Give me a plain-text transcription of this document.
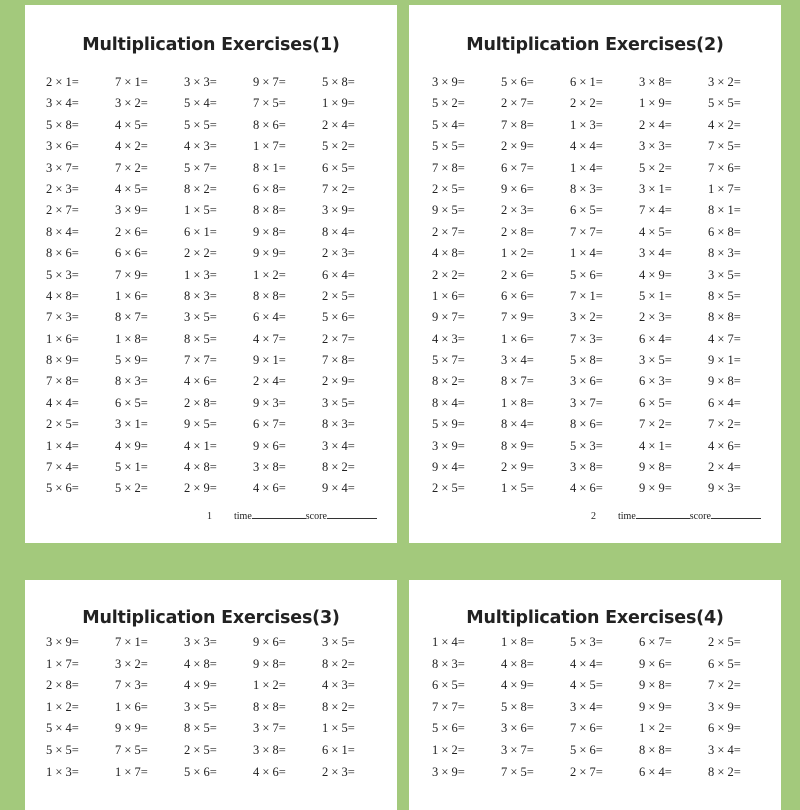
Multiplication Exercises(1)
2 × 1=	7 × 1=	3 × 3=	9 × 7=	5 × 8=
3 × 4=	3 × 2=	5 × 4=	7 × 5=	1 × 9=
5 × 8=	4 × 5=	5 × 5=	8 × 6=	2 × 4=
3 × 6=	4 × 2=	4 × 3=	1 × 7=	5 × 2=
3 × 7=	7 × 2=	5 × 7=	8 × 1=	6 × 5=
2 × 3=	4 × 5=	8 × 2=	6 × 8=	7 × 2=
2 × 7=	3 × 9=	1 × 5=	8 × 8=	3 × 9=
8 × 4=	2 × 6=	6 × 1=	9 × 8=	8 × 4=
8 × 6=	6 × 6=	2 × 2=	9 × 9=	2 × 3=
5 × 3=	7 × 9=	1 × 3=	1 × 2=	6 × 4=
4 × 8=	1 × 6=	8 × 3=	8 × 8=	2 × 5=
7 × 3=	8 × 7=	3 × 5=	6 × 4=	5 × 6=
1 × 6=	1 × 8=	8 × 5=	4 × 7=	2 × 7=
8 × 9=	5 × 9=	7 × 7=	9 × 1=	7 × 8=
7 × 8=	8 × 3=	4 × 6=	2 × 4=	2 × 9=
4 × 4=	6 × 5=	2 × 8=	9 × 3=	3 × 5=
2 × 5=	3 × 1=	9 × 5=	6 × 7=	8 × 3=
1 × 4=	4 × 9=	4 × 1=	9 × 6=	3 × 4=
7 × 4=	5 × 1=	4 × 8=	3 × 8=	8 × 2=
5 × 6=	5 × 2=	2 × 9=	4 × 6=	9 × 4=
1 time	score
Multiplication Exercises(2)
3 × 9=	5 × 6=	6 × 1=	3 × 8=	3 × 2=
5 × 2=	2 × 7=	2 × 2=	1 × 9=	5 × 5=
5 × 4=	7 × 8=	1 × 3=	2 × 4=	4 × 2=
5 × 5=	2 × 9=	4 × 4=	3 × 3=	7 × 5=
7 × 8=	6 × 7=	1 × 4=	5 × 2=	7 × 6=
2 × 5=	9 × 6=	8 × 3=	3 × 1=	1 × 7=
9 × 5=	2 × 3=	6 × 5=	7 × 4=	8 × 1=
2 × 7=	2 × 8=	7 × 7=	4 × 5=	6 × 8=
4 × 8=	1 × 2=	1 × 4=	3 × 4=	8 × 3=
2 × 2=	2 × 6=	5 × 6=	4 × 9=	3 × 5=
1 × 6=	6 × 6=	7 × 1=	5 × 1=	8 × 5=
9 × 7=	7 × 9=	3 × 2=	2 × 3=	8 × 8=
4 × 3=	1 × 6=	7 × 3=	6 × 4=	4 × 7=
5 × 7=	3 × 4=	5 × 8=	3 × 5=	9 × 1=
8 × 2=	8 × 7=	3 × 6=	6 × 3=	9 × 8=
8 × 4=	1 × 8=	3 × 7=	6 × 5=	6 × 4=
5 × 9=	8 × 4=	8 × 6=	7 × 2=	7 × 2=
3 × 9=	8 × 9=	5 × 3=	4 × 1=	4 × 6=
9 × 4=	2 × 9=	3 × 8=	9 × 8=	2 × 4=
2 × 5=	1 × 5=	4 × 6=	9 × 9=	9 × 3=
2 time	score
Multiplication Exercises(3)
3 × 9=	7 × 1=	3 × 3=	9 × 6=	3 × 5=
1 × 7=	3 × 2=	4 × 8=	9 × 8=	8 × 2=
2 × 8=	7 × 3=	4 × 9=	1 × 2=	4 × 3=
1 × 2=	1 × 6=	3 × 5=	8 × 8=	8 × 2=
5 × 4=	9 × 9=	8 × 5=	3 × 7=	1 × 5=
5 × 5=	7 × 5=	2 × 5=	3 × 8=	6 × 1=
1 × 3=	1 × 7=	5 × 6=	4 × 6=	2 × 3=
Multiplication Exercises(4)
1 × 4=	1 × 8=	5 × 3=	6 × 7=	2 × 5=
8 × 3=	4 × 8=	4 × 4=	9 × 6=	6 × 5=
6 × 5=	4 × 9=	4 × 5=	9 × 8=	7 × 2=
7 × 7=	5 × 8=	3 × 4=	9 × 9=	3 × 9=
5 × 6=	3 × 6=	7 × 6=	1 × 2=	6 × 9=
1 × 2=	3 × 7=	5 × 6=	8 × 8=	3 × 4=
3 × 9=	7 × 5=	2 × 7=	6 × 4=	8 × 2=
